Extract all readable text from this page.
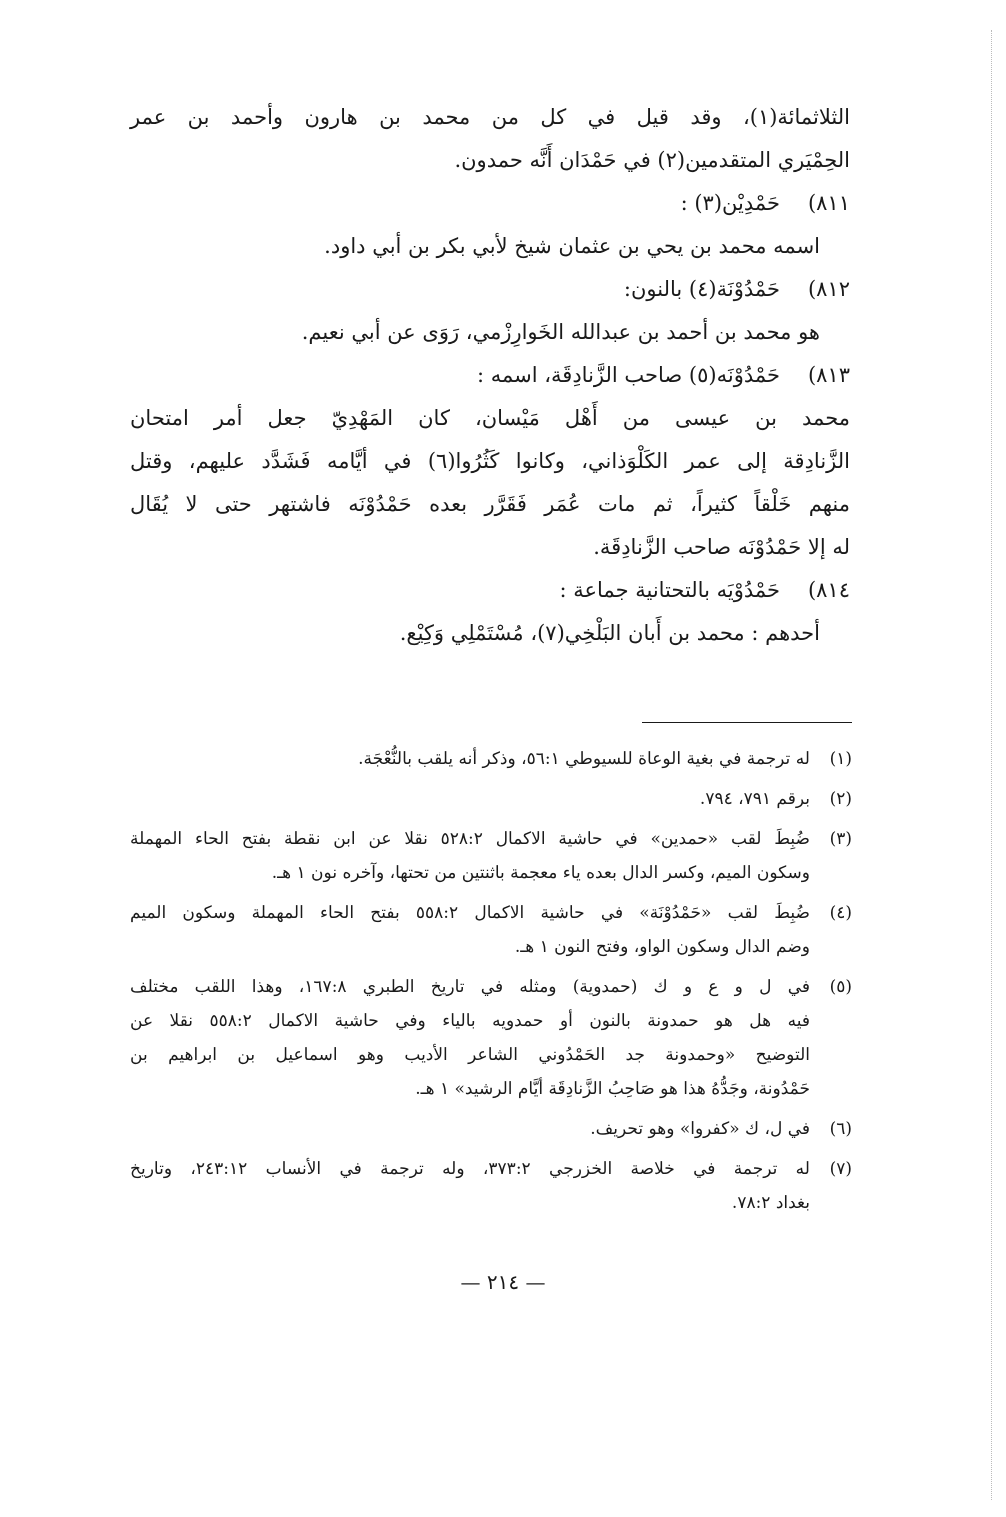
الثلاثمائة(١)، وقد قيل في كل من محمد بن هارون وأحمد بن عمر
الحِمْيَري المتقدمين(٢) في حَمْدَان أَنَّه حمدون.
٨١١)
حَمْدِيْن(٣) :
اسمه محمد بن يحي بن عثمان شيخ لأبي بكر بن أبي داود.
٨١٢)
حَمْدُوْنَة(٤) بالنون:
هو محمد بن أحمد بن عبدالله الخَوارِزْمي، رَوَى عن أبي نعيم.
٨١٣)
حَمْدُوْنَه(٥) صاحب الزَّنادِقَة، اسمه :
محمد بن عيسى من أَهْل مَيْسان، كان المَهْدِيّ جعل أمر امتحان
الزَّنادِقة إلى عمر الكَلْوَذاني، وكانوا كَثُرُوا(٦) في أيَّامه فَشَدَّد عليهم، وقتل
منهم خَلْقاً كثيراً، ثم مات عُمَر فَقَرَّر بعده حَمْدُوْنَه فاشتهر حتى لا يُقَال
له إلا حَمْدُوْنَه صاحب الزَّنادِقَة.
٨١٤)
حَمْدُوْيَه بالتحتانية جماعة :
أحدهم : محمد بن أَبان البَلْخِي(٧)، مُسْتَمْلِي وَكِيْع.
(١)
له ترجمة في بغية الوعاة للسيوطي ٥٦:١، وذكر أنه يلقب بالنُّعْجَة.
(٢)
برقم ٧٩١، ٧٩٤.
(٣)
ضُبِطَ لقب «حمدين» في حاشية الاكمال ٥٢٨:٢ نقلا عن ابن نقطة بفتح الحاء المهملة
وسكون الميم، وكسر الدال بعده ياء معجمة باثنتين من تحتها، وآخره نون ١ هـ.
(٤)
ضُبِطَ لقب «حَمْدُوْنَة» في حاشية الاكمال ٥٥٨:٢ بفتح الحاء المهملة وسكون الميم
وضم الدال وسكون الواو، وفتح النون ١ هـ.
(٥)
في ل و ع و ك (حمدوية) ومثله في تاريخ الطبري ١٦٧:٨، وهذا اللقب مختلف
فيه هل هو حمدونة بالنون أو حمدويه بالياء وفي حاشية الاكمال ٥٥٨:٢ نقلا عن
التوضيح «وحمدونة جد الحَمْدُوني الشاعر الأديب وهو اسماعيل بن ابراهيم بن
حَمْدُونة، وجَدُّهُ هذا هو صَاحِبُ الزَّنادِقَة أيَّام الرشيد» ١ هـ.
(٦)
في ل، ك «كفروا» وهو تحريف.
(٧)
له ترجمة في خلاصة الخزرجي ٣٧٣:٢، وله ترجمة في الأنساب ٢٤٣:١٢، وتاريخ
بغداد ٧٨:٢.
— ٢١٤ —
